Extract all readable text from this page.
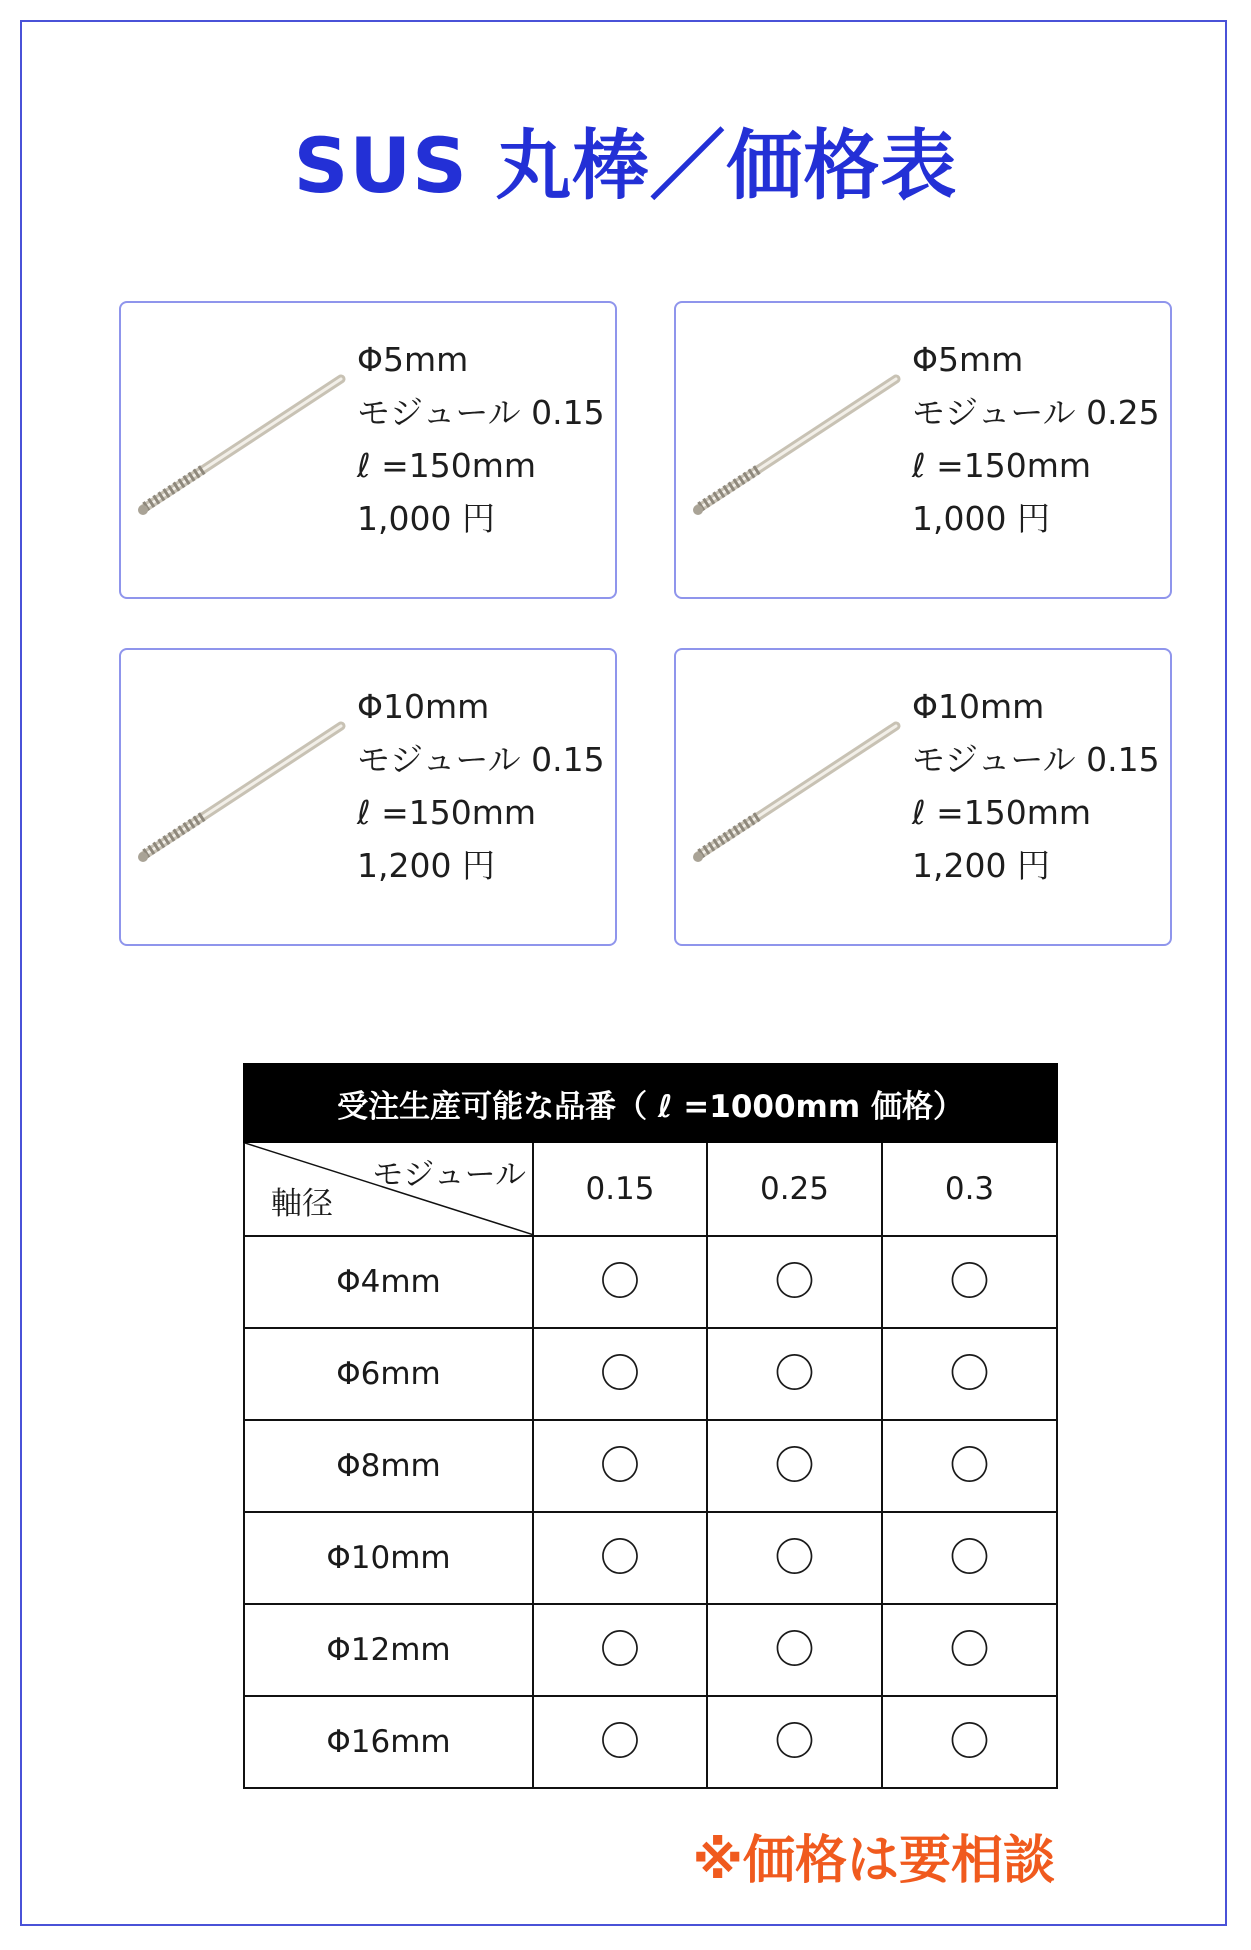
SUS 丸棒／価格表
Φ5mm
モジュール 0.15
ℓ =150mm
1,000 円
Φ5mm
モジュール 0.25
ℓ =150mm
1,000 円
Φ10mm
モジュール 0.15
ℓ =150mm
1,200 円
Φ10mm
モジュール 0.15
ℓ =150mm
1,200 円
受注生産可能な品番（ ℓ =1000mm 価格）			

モジュール
軸径	0.15	0.25	0.3
Φ4mm	〇	〇	〇
Φ6mm	〇	〇	〇
Φ8mm	〇	〇	〇
Φ10mm	〇	〇	〇
Φ12mm	〇	〇	〇
Φ16mm	〇	〇	〇
※価格は要相談
